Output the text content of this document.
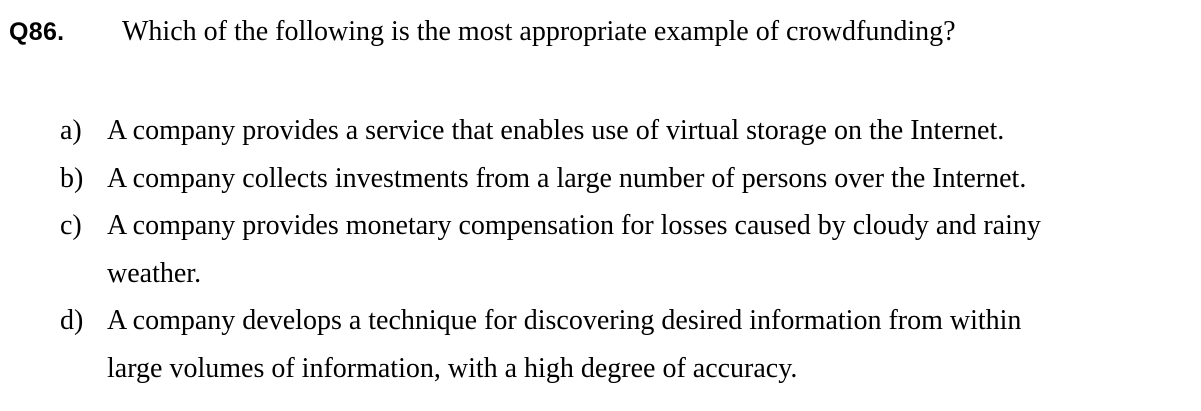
Q86. Which of the following is the most appropriate example of crowdfunding?
a) A company provides a service that enables use of virtual storage on the Internet.
b) A company collects investments from a large number of persons over the Internet.
c) A company provides monetary compensation for losses caused by cloudy and rainy
weather.
d) A company develops a technique for discovering desired information from within
large volumes of information, with a high degree of accuracy.
